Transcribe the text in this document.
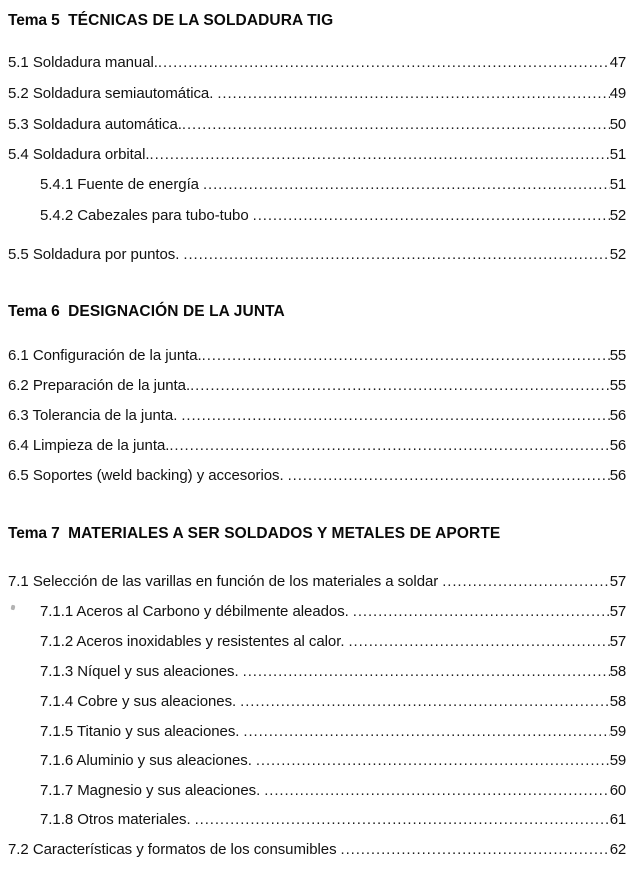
Tema 5 TÉCNICAS DE LA SOLDADURA TIG
5.1 Soldadura manual. .....	47
5.2 Soldadura semiautomática. .....	49
5.3 Soldadura automática. .....	50
5.4 Soldadura orbital. .....	51
5.4.1 Fuente de energía .....	51
5.4.2 Cabezales para tubo-tubo .....	52
5.5 Soldadura por puntos. .....	52
Tema 6 DESIGNACIÓN DE LA JUNTA
6.1 Configuración de la junta. .....	55
6.2 Preparación de la junta. .....	55
6.3 Tolerancia de la junta. .....	56
6.4 Limpieza de la junta. .....	56
6.5 Soportes (weld backing) y accesorios. .....	56
Tema 7 MATERIALES A SER SOLDADOS Y METALES DE APORTE
7.1 Selección de las varillas en función de los materiales a soldar .....	57
7.1.1 Aceros al Carbono y débilmente aleados. .....	57
7.1.2 Aceros inoxidables y resistentes al calor. .....	57
7.1.3 Níquel y sus aleaciones. .....	58
7.1.4 Cobre y sus aleaciones. .....	58
7.1.5 Titanio y sus aleaciones. .....	59
7.1.6 Aluminio y sus aleaciones. .....	59
7.1.7 Magnesio y sus aleaciones. .....	60
7.1.8 Otros materiales. .....	61
7.2 Características y formatos de los consumibles .....	62
